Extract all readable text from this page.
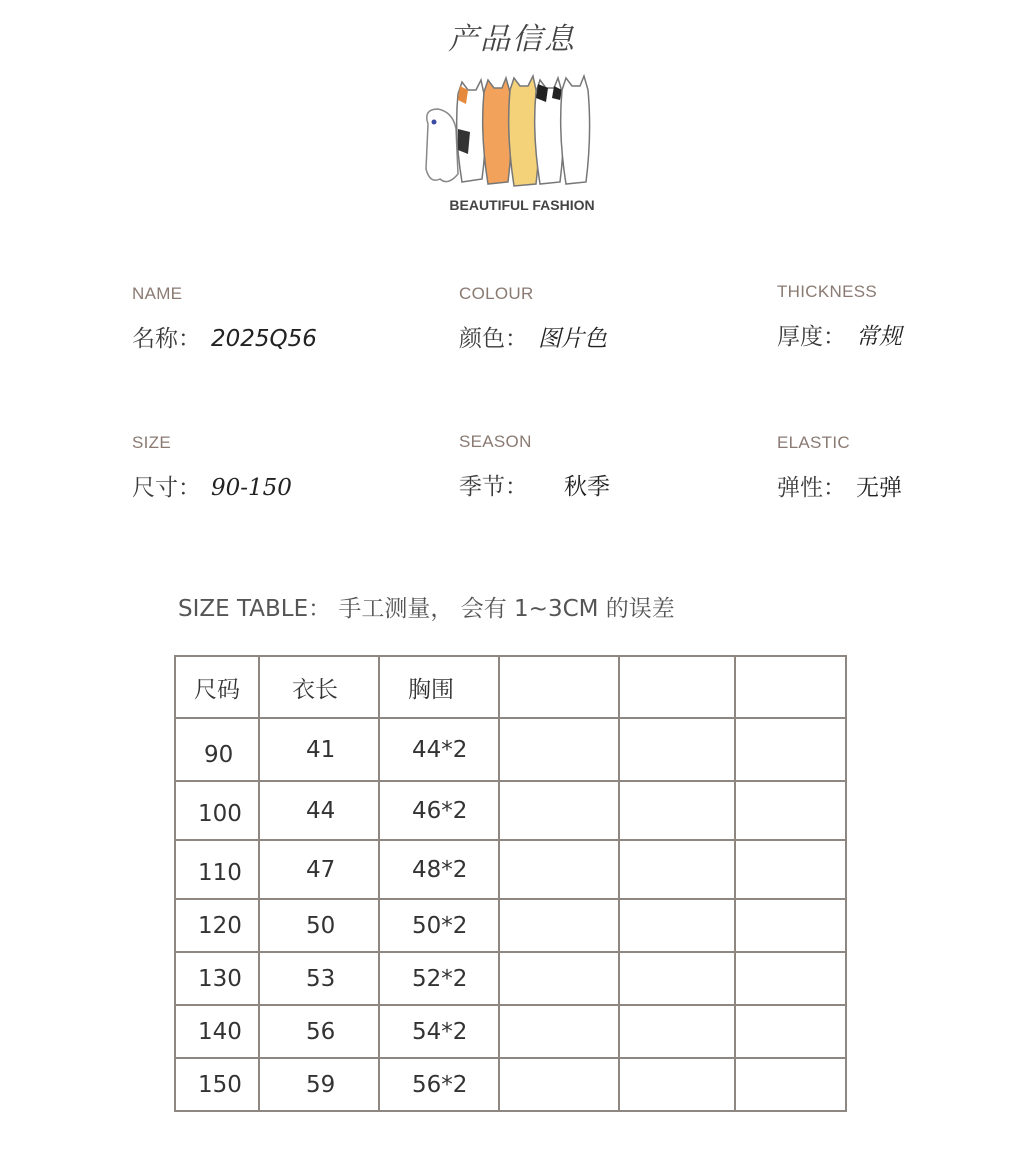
产品信息
BEAUTIFUL FASHION
NAME
名称： 2025Q56
COLOUR
颜色： 图片色
THICKNESS
厚度： 常规
SIZE
尺寸： 90-150
SEASON
季节： 秋季
ELASTIC
弹性： 无弹
SIZE TABLE： 手工测量， 会有 1~3CM 的误差
尺码	衣长	胸围			
90	41	44*2			
100	44	46*2			
110	47	48*2			
120	50	50*2			
130	53	52*2			
140	56	54*2			
150	59	56*2			
